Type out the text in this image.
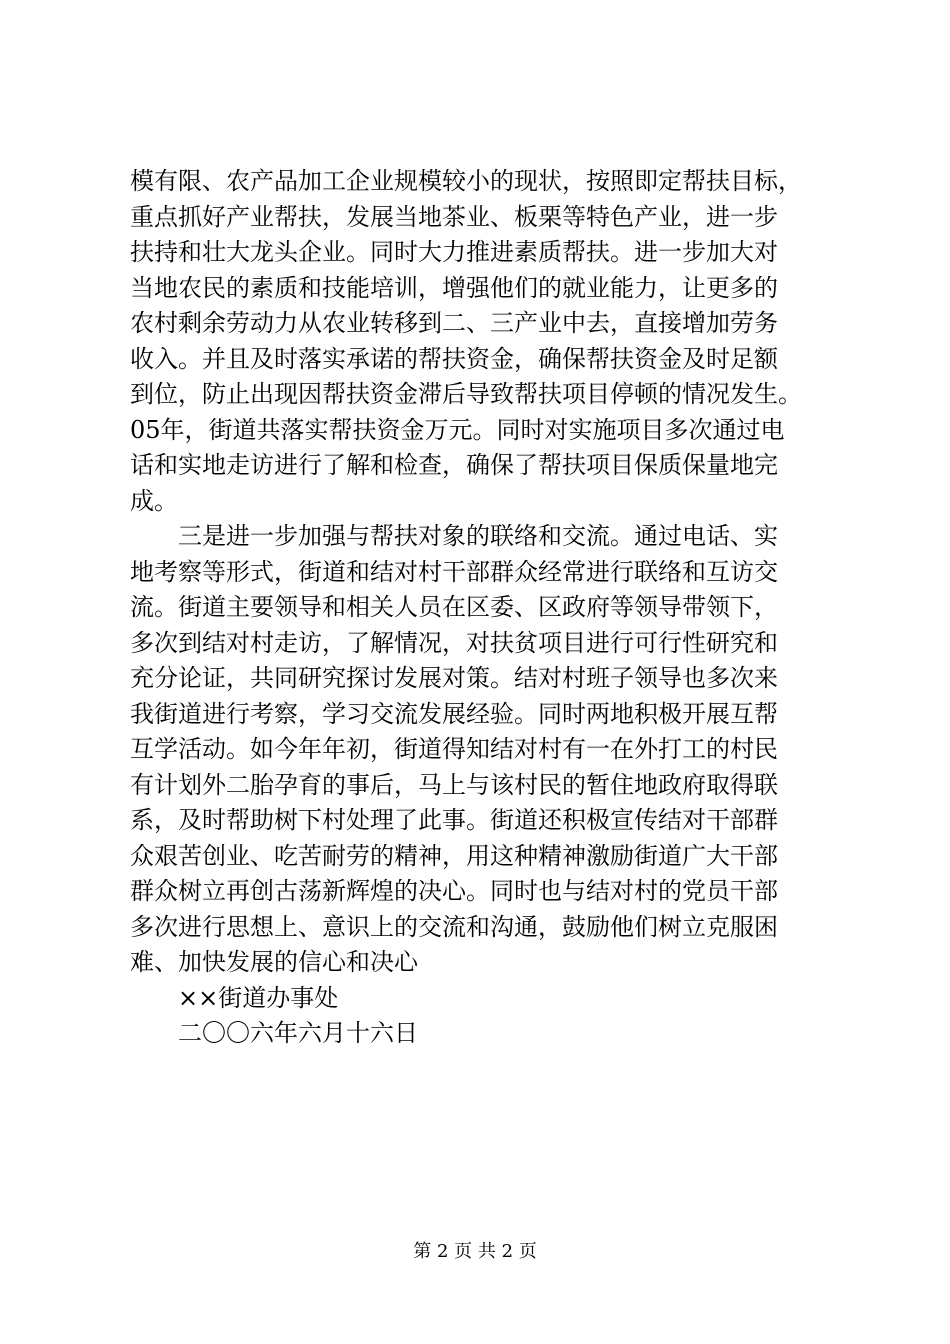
模有限、农产品加工企业规模较小的现状，按照即定帮扶目标，
重点抓好产业帮扶，发展当地茶业、板栗等特色产业，进一步
扶持和壮大龙头企业。同时大力推进素质帮扶。进一步加大对
当地农民的素质和技能培训，增强他们的就业能力，让更多的
农村剩余劳动力从农业转移到二、三产业中去，直接增加劳务
收入。并且及时落实承诺的帮扶资金，确保帮扶资金及时足额
到位，防止出现因帮扶资金滞后导致帮扶项目停顿的情况发生。
05年，街道共落实帮扶资金万元。同时对实施项目多次通过电
话和实地走访进行了解和检查，确保了帮扶项目保质保量地完
成。
三是进一步加强与帮扶对象的联络和交流。通过电话、实
地考察等形式，街道和结对村干部群众经常进行联络和互访交
流。街道主要领导和相关人员在区委、区政府等领导带领下，
多次到结对村走访，了解情况，对扶贫项目进行可行性研究和
充分论证，共同研究探讨发展对策。结对村班子领导也多次来
我街道进行考察，学习交流发展经验。同时两地积极开展互帮
互学活动。如今年年初，街道得知结对村有一在外打工的村民
有计划外二胎孕育的事后，马上与该村民的暂住地政府取得联
系，及时帮助树下村处理了此事。街道还积极宣传结对干部群
众艰苦创业、吃苦耐劳的精神，用这种精神激励街道广大干部
群众树立再创古荡新辉煌的决心。同时也与结对村的党员干部
多次进行思想上、意识上的交流和沟通，鼓励他们树立克服困
难、加快发展的信心和决心
××街道办事处
二〇〇六年六月十六日
第 2 页 共 2 页
